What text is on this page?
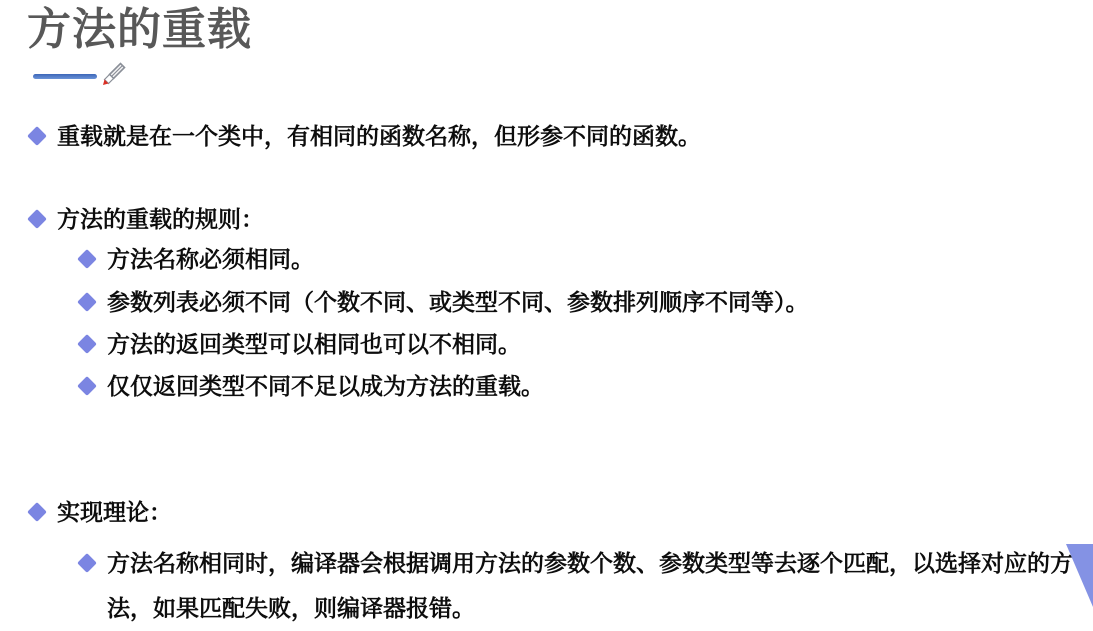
方法的重载
重载就是在一个类中，有相同的函数名称，但形参不同的函数。
方法的重载的规则：
方法名称必须相同。
参数列表必须不同（个数不同、或类型不同、参数排列顺序不同等）。
方法的返回类型可以相同也可以不相同。
仅仅返回类型不同不足以成为方法的重载。
实现理论：
方法名称相同时，编译器会根据调用方法的参数个数、参数类型等去逐个匹配，以选择对应的方法，如果匹配失败，则编译器报错。
